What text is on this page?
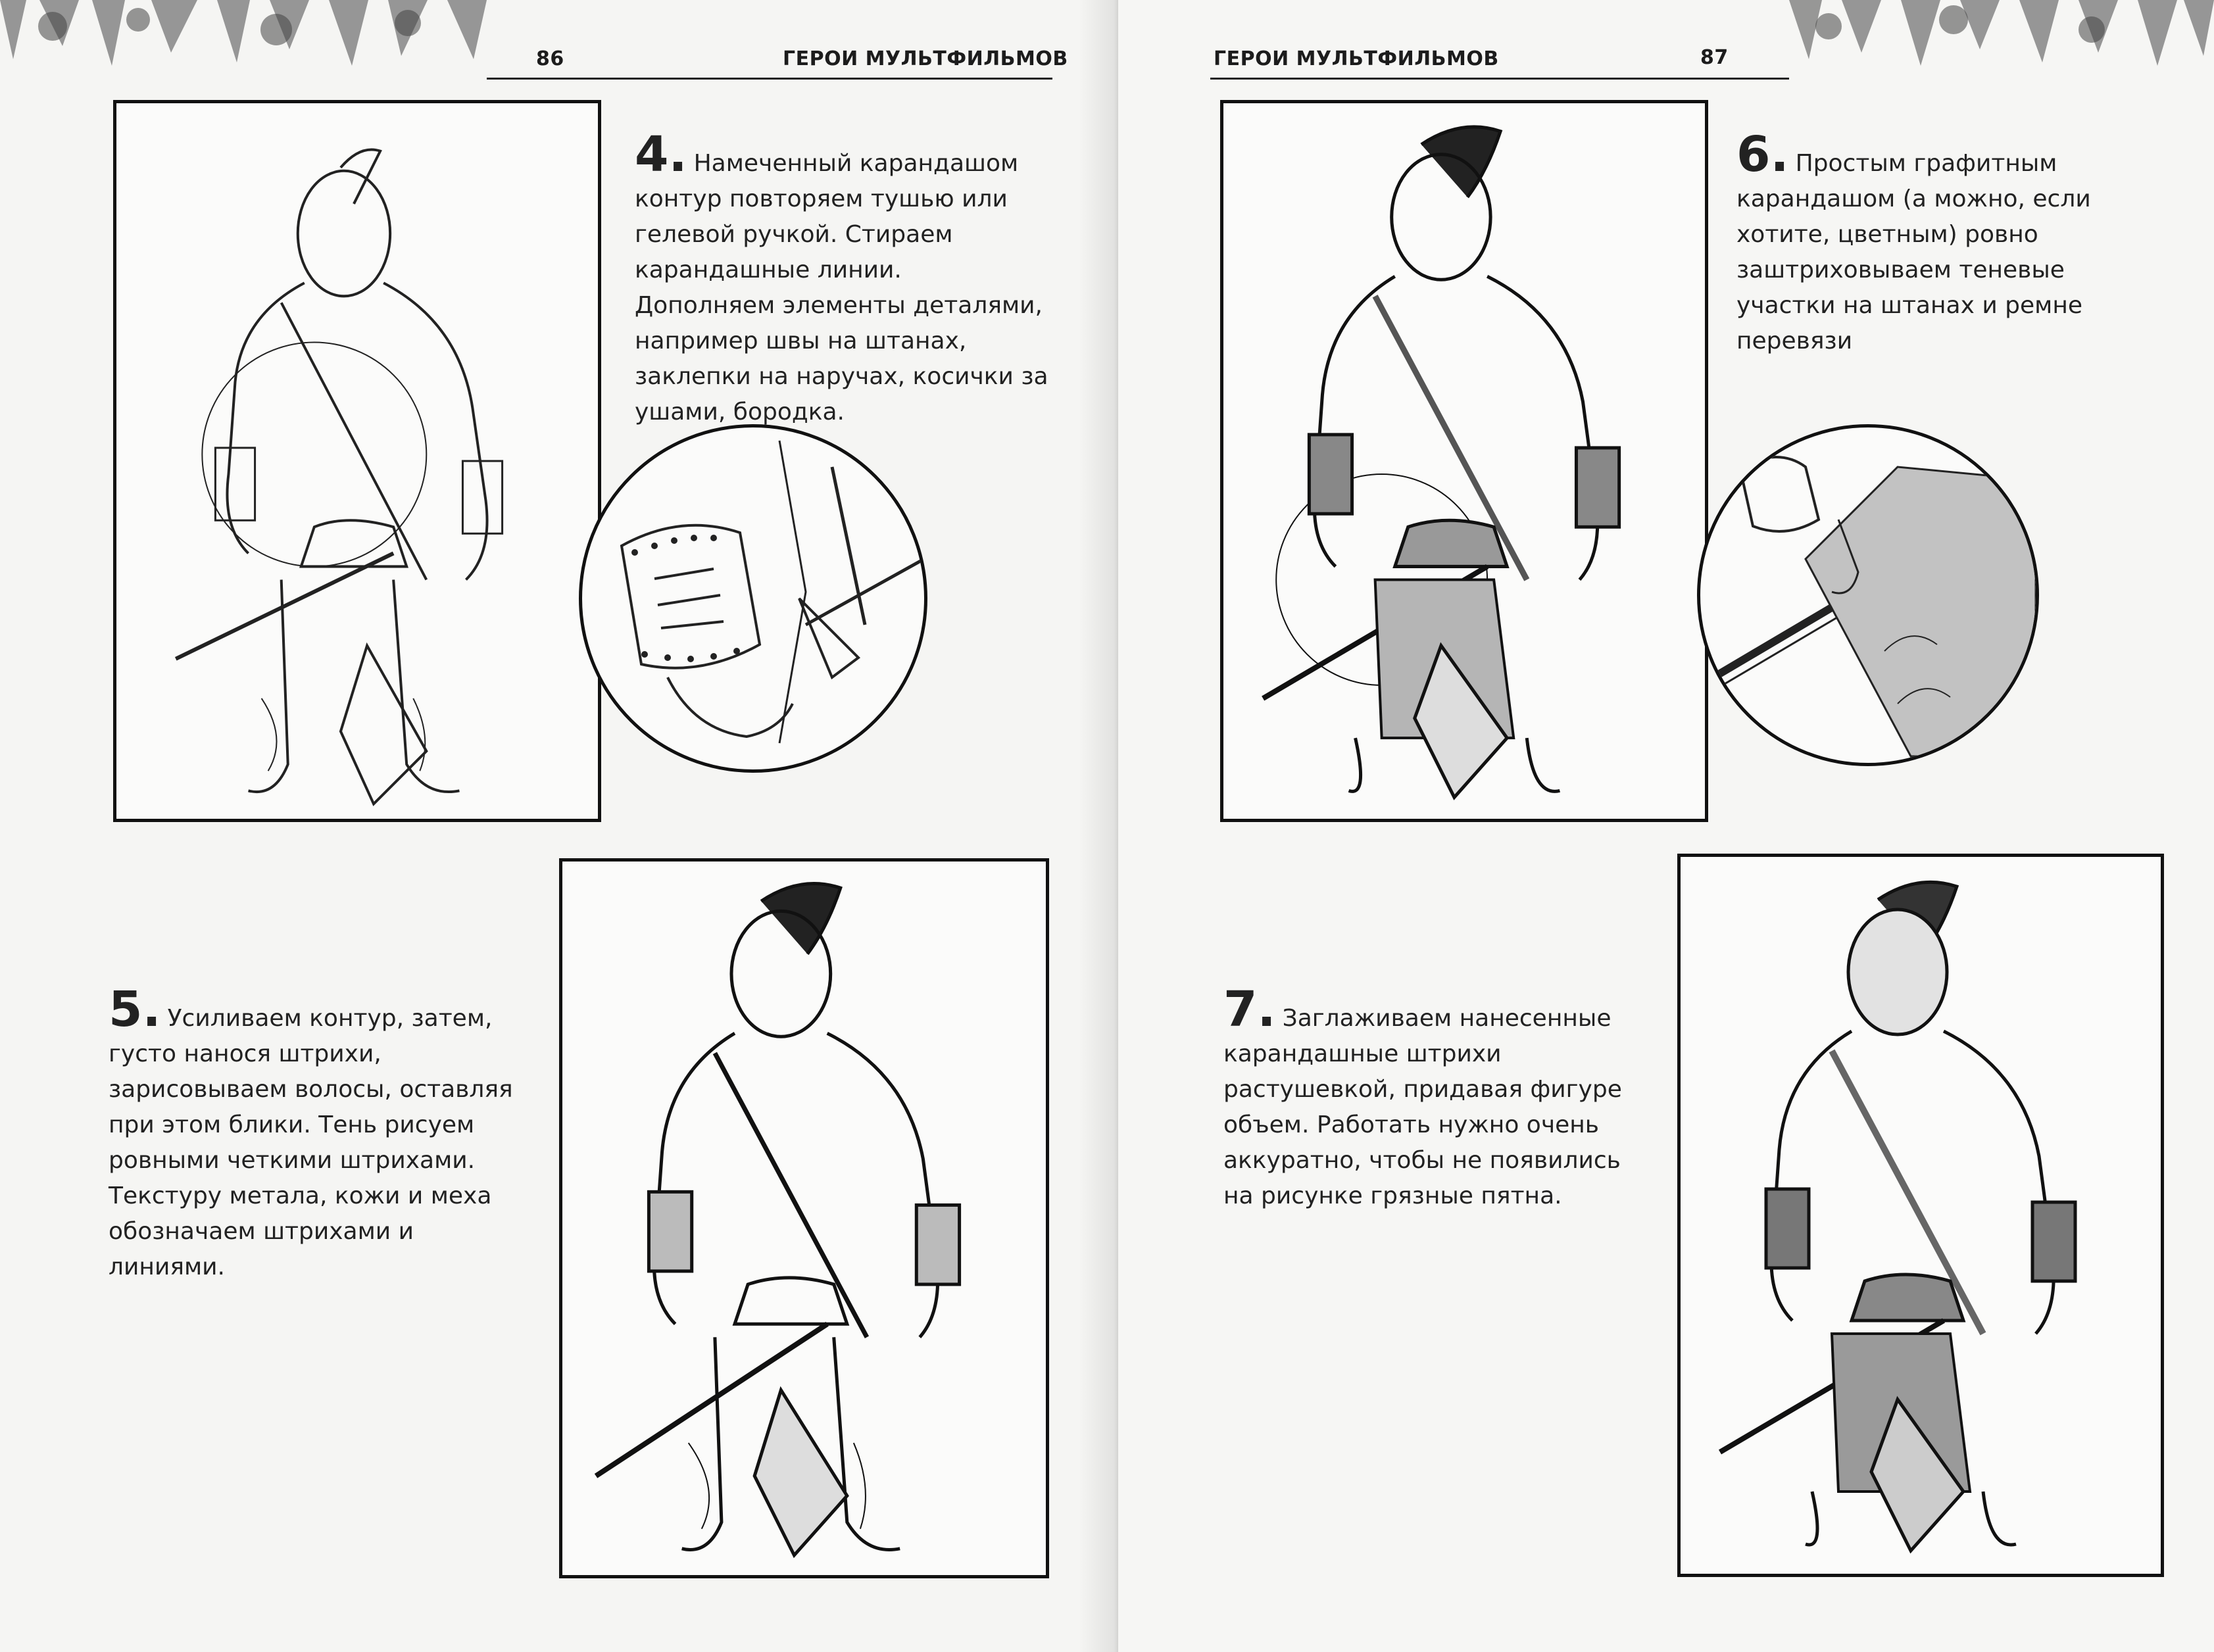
86	ГЕРОИ МУЛЬТФИЛЬМОВ
4. Намеченный карандашом контур повторяем тушью или гелевой ручкой. Стираем карандашные линии. Дополняем элементы деталями, например швы на штанах, заклепки на наручах, косички за ушами, бородка.
5. Усиливаем контур, затем, густо нанося штрихи, зарисовываем волосы, оставляя при этом блики. Тень рисуем ровными четкими штрихами. Текстуру метала, кожи и меха обозначаем штрихами и линиями.
ГЕРОИ МУЛЬТФИЛЬМОВ	87
6. Простым графитным карандашом (а можно, если хотите, цветным) ровно заштриховываем теневые участки на штанах и ремне перевязи
7. Заглаживаем нанесенные карандашные штрихи растушевкой, придавая фигуре объем. Работать нужно очень аккуратно, чтобы не появились на рисунке грязные пятна.
